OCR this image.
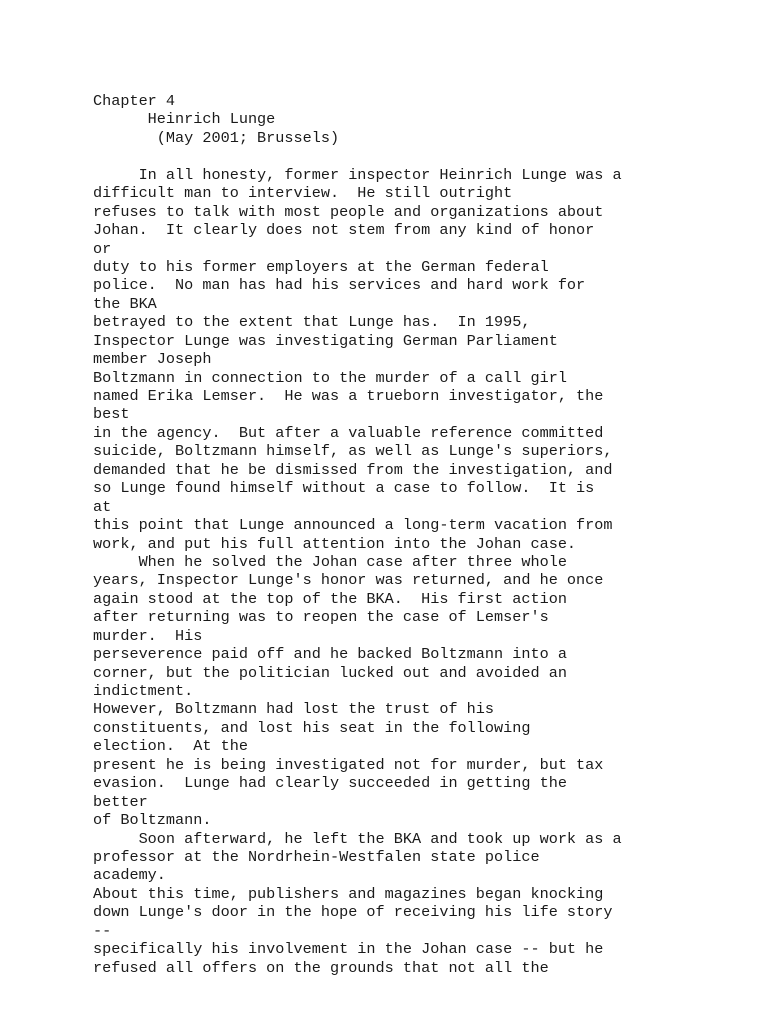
Chapter 4
Heinrich Lunge
(May 2001; Brussels)
In all honesty, former inspector Heinrich Lunge was a
difficult man to interview.  He still outright
refuses to talk with most people and organizations about
Johan.  It clearly does not stem from any kind of honor
or
duty to his former employers at the German federal
police.  No man has had his services and hard work for
the BKA
betrayed to the extent that Lunge has.  In 1995,
Inspector Lunge was investigating German Parliament
member Joseph
Boltzmann in connection to the murder of a call girl
named Erika Lemser.  He was a trueborn investigator, the
best
in the agency.  But after a valuable reference committed
suicide, Boltzmann himself, as well as Lunge's superiors,
demanded that he be dismissed from the investigation, and
so Lunge found himself without a case to follow.  It is
at
this point that Lunge announced a long-term vacation from
work, and put his full attention into the Johan case.
When he solved the Johan case after three whole
years, Inspector Lunge's honor was returned, and he once
again stood at the top of the BKA.  His first action
after returning was to reopen the case of Lemser's
murder.  His
perseverence paid off and he backed Boltzmann into a
corner, but the politician lucked out and avoided an
indictment.
However, Boltzmann had lost the trust of his
constituents, and lost his seat in the following
election.  At the
present he is being investigated not for murder, but tax
evasion.  Lunge had clearly succeeded in getting the
better
of Boltzmann.
Soon afterward, he left the BKA and took up work as a
professor at the Nordrhein-Westfalen state police
academy.
About this time, publishers and magazines began knocking
down Lunge's door in the hope of receiving his life story
--
specifically his involvement in the Johan case -- but he
refused all offers on the grounds that not all the
